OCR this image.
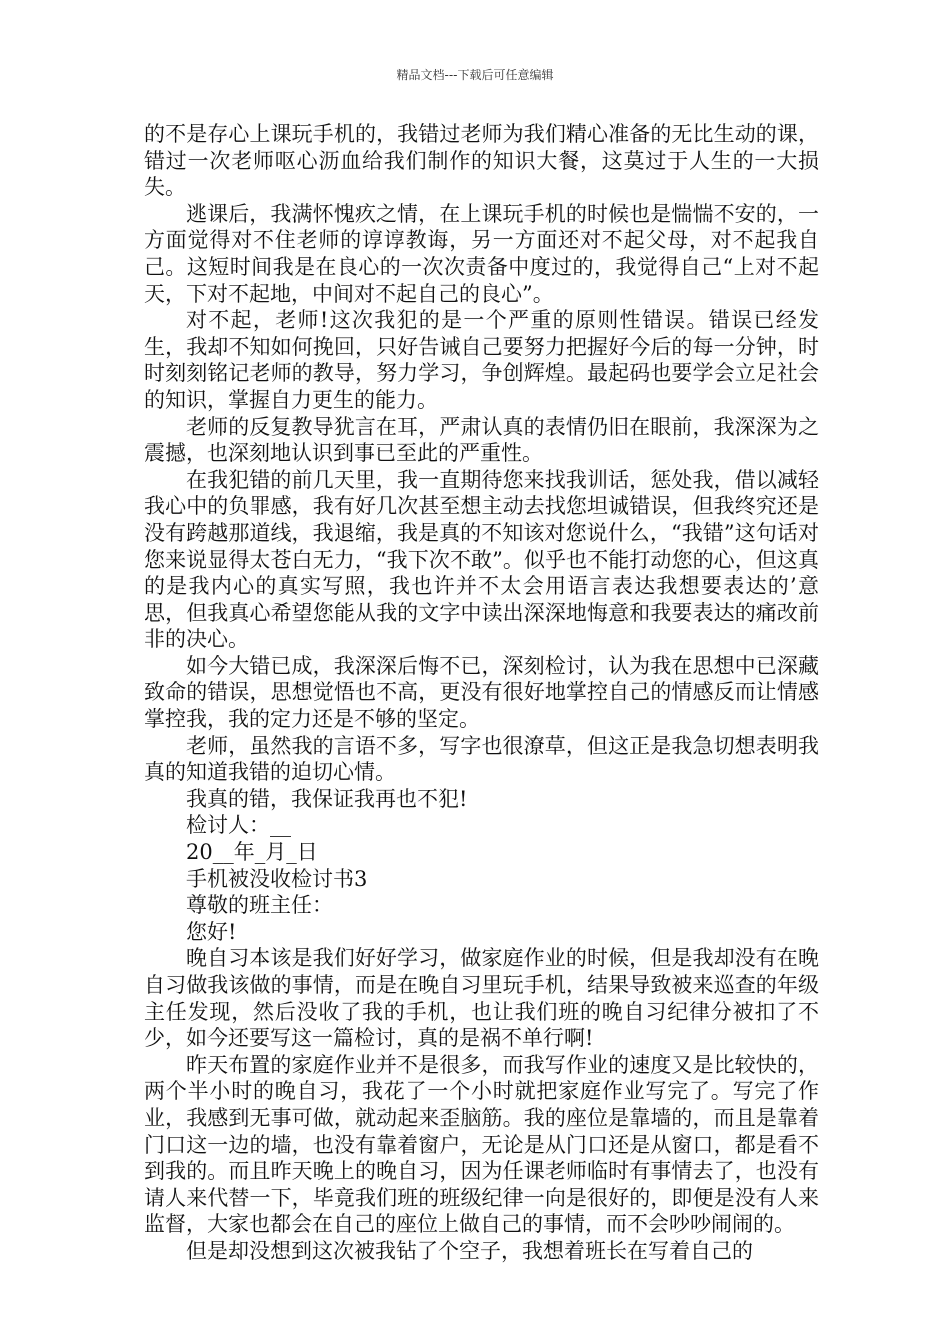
精品文档---下载后可任意编辑

的不是存心上课玩手机的，我错过老师为我们精心准备的无比生动的课，错过一次老师呕心沥血给我们制作的知识大餐，这莫过于人生的一大损失。

逃课后，我满怀愧疚之情，在上课玩手机的时候也是惴惴不安的，一方面觉得对不住老师的谆谆教诲，另一方面还对不起父母，对不起我自己。这短时间我是在良心的一次次责备中度过的，我觉得自己“上对不起天，下对不起地，中间对不起自己的良心”。

对不起，老师!这次我犯的是一个严重的原则性错误。错误已经发生，我却不知如何挽回，只好告诫自己要努力把握好今后的每一分钟，时时刻刻铭记老师的教导，努力学习，争创辉煌。最起码也要学会立足社会的知识，掌握自力更生的能力。

老师的反复教导犹言在耳，严肃认真的表情仍旧在眼前，我深深为之震撼，也深刻地认识到事已至此的严重性。

在我犯错的前几天里，我一直期待您来找我训话，惩处我，借以减轻我心中的负罪感，我有好几次甚至想主动去找您坦诚错误，但我终究还是没有跨越那道线，我退缩，我是真的不知该对您说什么，“我错”这句话对您来说显得太苍白无力，“我下次不敢”。似乎也不能打动您的心，但这真的是我内心的真实写照，我也许并不太会用语言表达我想要表达的’意思，但我真心希望您能从我的文字中读出深深地悔意和我要表达的痛改前非的决心。

如今大错已成，我深深后悔不已，深刻检讨，认为我在思想中已深藏致命的错误，思想觉悟也不高，更没有很好地掌控自己的情感反而让情感掌控我，我的定力还是不够的坚定。

老师，虽然我的言语不多，写字也很潦草，但这正是我急切想表明我真的知道我错的迫切心情。

我真的错，我保证我再也不犯!

检讨人：__

20__年_月_日

手机被没收检讨书3

尊敬的班主任：

您好!

晚自习本该是我们好好学习，做家庭作业的时候，但是我却没有在晚自习做我该做的事情，而是在晚自习里玩手机，结果导致被来巡查的年级主任发现，然后没收了我的手机，也让我们班的晚自习纪律分被扣了不少，如今还要写这一篇检讨，真的是祸不单行啊!

昨天布置的家庭作业并不是很多，而我写作业的速度又是比较快的，两个半小时的晚自习，我花了一个小时就把家庭作业写完了。写完了作业，我感到无事可做，就动起来歪脑筋。我的座位是靠墙的，而且是靠着门口这一边的墙，也没有靠着窗户，无论是从门口还是从窗口，都是看不到我的。而且昨天晚上的晚自习，因为任课老师临时有事情去了，也没有请人来代替一下，毕竟我们班的班级纪律一向是很好的，即便是没有人来监督，大家也都会在自己的座位上做自己的事情，而不会吵吵闹闹的。

但是却没想到这次被我钻了个空子，我想着班长在写着自己的
